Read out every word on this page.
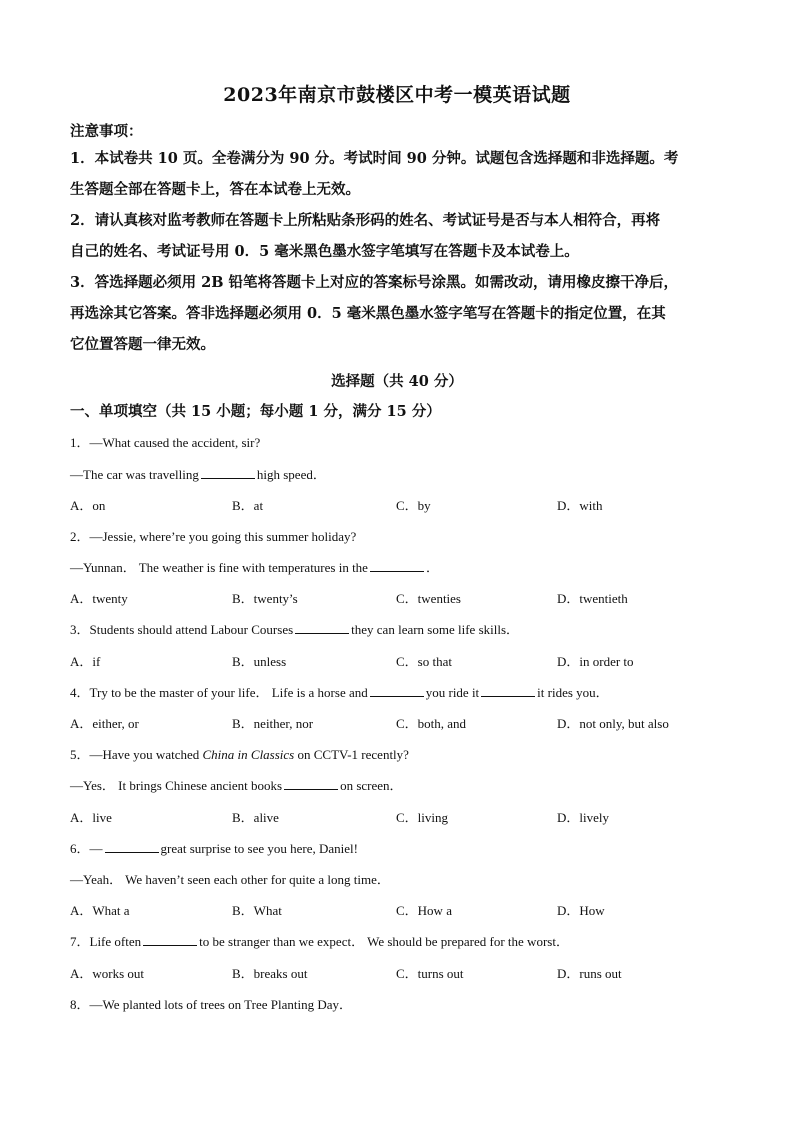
2023年南京市鼓楼区中考一模英语试题
注意事项：
1．本试卷共 10 页。全卷满分为 90 分。考试时间 90 分钟。试题包含选择题和非选择题。考
生答题全部在答题卡上，答在本试卷上无效。
2．请认真核对监考教师在答题卡上所粘贴条形码的姓名、考试证号是否与本人相符合，再将
自己的姓名、考试证号用 0．5 毫米黑色墨水签字笔填写在答题卡及本试卷上。
3．答选择题必须用 2B 铅笔将答题卡上对应的答案标号涂黑。如需改动，请用橡皮擦干净后，
再选涂其它答案。答非选择题必须用 0．5 毫米黑色墨水签字笔写在答题卡的指定位置，在其
它位置答题一律无效。
选择题（共 40 分）
一、单项填空（共 15 小题；每小题 1 分，满分 15 分）
1．—What caused the accident, sir?
—The car was travelling	high speed．
A．on	B．at	C．by	D．with
2．—Jessie, where’re you going this summer holiday?
—Yunnan． The weather is fine with temperatures in the	．
A．twenty	B．twenty’s	C．twenties	D．twentieth
3．Students should attend Labour Courses	they can learn some life skills．
A．if	B．unless	C．so that	D．in order to
4．Try to be the master of your life． Life is a horse and	you ride it	it rides you．
A．either, or	B．neither, nor	C．both, and	D．not only, but also
5．—Have you watched China in Classics on CCTV-1 recently?
—Yes． It brings Chinese ancient books	on screen．
A．live	B．alive	C．living	D．lively
6．—	great surprise to see you here, Daniel!
—Yeah． We haven’t seen each other for quite a long time．
A．What a	B．What	C．How a	D．How
7．Life often	to be stranger than we expect． We should be prepared for the worst．
A．works out	B．breaks out	C．turns out	D．runs out
8．—We planted lots of trees on Tree Planting Day．
